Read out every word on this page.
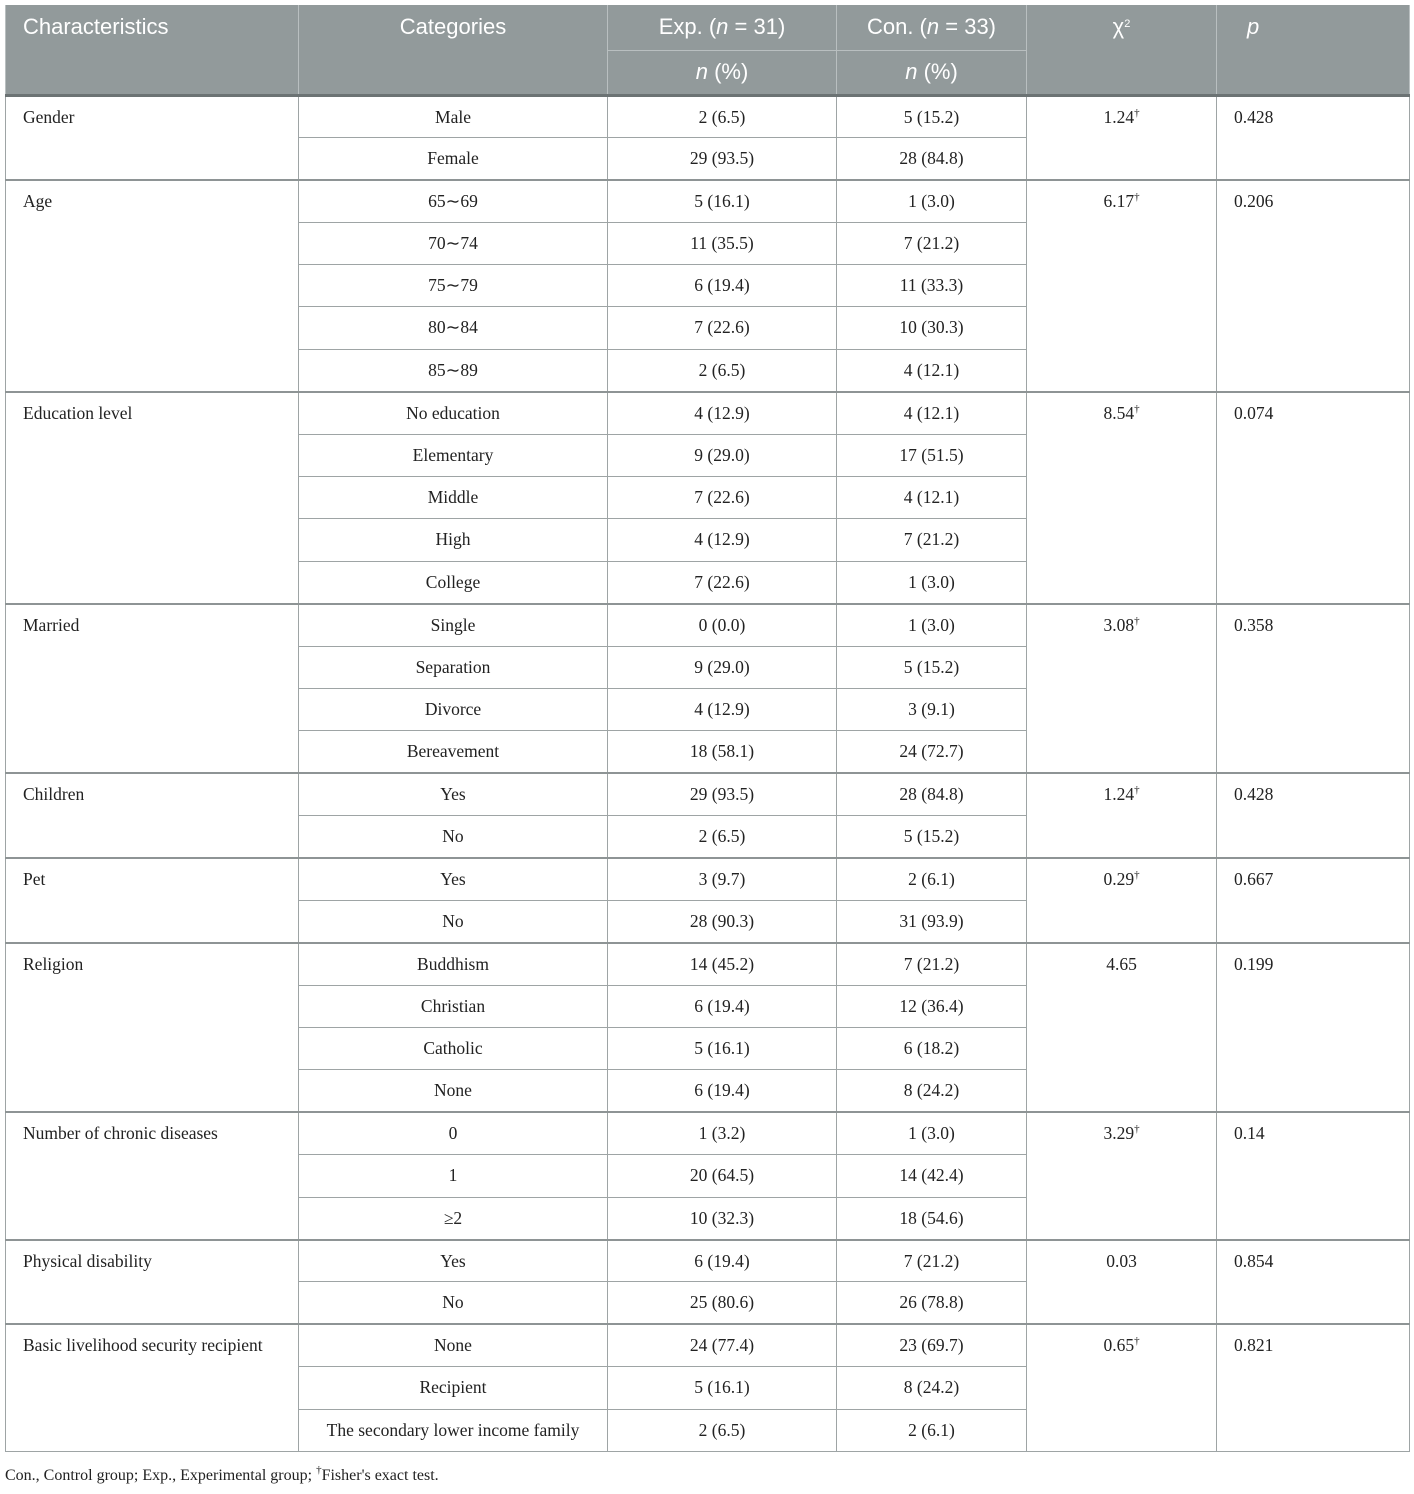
Characteristics	Categories	Exp. (n = 31)	Con. (n = 33)	$\chi^2$	p
		n (%)	n (%)		
Gender	Male	2 (6.5)	5 (15.2)	1.24†	0.428
	Female	29 (93.5)	28 (84.8)		
Age	65∼69	5 (16.1)	1 (3.0)	6.17†	0.206
	70∼74	11 (35.5)	7 (21.2)		
	75∼79	6 (19.4)	11 (33.3)		
	80∼84	7 (22.6)	10 (30.3)		
	85∼89	2 (6.5)	4 (12.1)		
Education level	No education	4 (12.9)	4 (12.1)	8.54†	0.074
	Elementary	9 (29.0)	17 (51.5)		
	Middle	7 (22.6)	4 (12.1)		
	High	4 (12.9)	7 (21.2)		
	College	7 (22.6)	1 (3.0)		
Married	Single	0 (0.0)	1 (3.0)	3.08†	0.358
	Separation	9 (29.0)	5 (15.2)		
	Divorce	4 (12.9)	3 (9.1)		
	Bereavement	18 (58.1)	24 (72.7)		
Children	Yes	29 (93.5)	28 (84.8)	1.24†	0.428
	No	2 (6.5)	5 (15.2)		
Pet	Yes	3 (9.7)	2 (6.1)	0.29†	0.667
	No	28 (90.3)	31 (93.9)		
Religion	Buddhism	14 (45.2)	7 (21.2)	4.65	0.199
	Christian	6 (19.4)	12 (36.4)		
	Catholic	5 (16.1)	6 (18.2)		
	None	6 (19.4)	8 (24.2)		
Number of chronic diseases	0	1 (3.2)	1 (3.0)	3.29†	0.14
	1	20 (64.5)	14 (42.4)		
	≥2	10 (32.3)	18 (54.6)		
Physical disability	Yes	6 (19.4)	7 (21.2)	0.03	0.854
	No	25 (80.6)	26 (78.8)		
Basic livelihood security recipient	None	24 (77.4)	23 (69.7)	0.65†	0.821
	Recipient	5 (16.1)	8 (24.2)		
	The secondary lower income family	2 (6.5)	2 (6.1)		
Con., Control group; Exp., Experimental group; †Fisher's exact test.
